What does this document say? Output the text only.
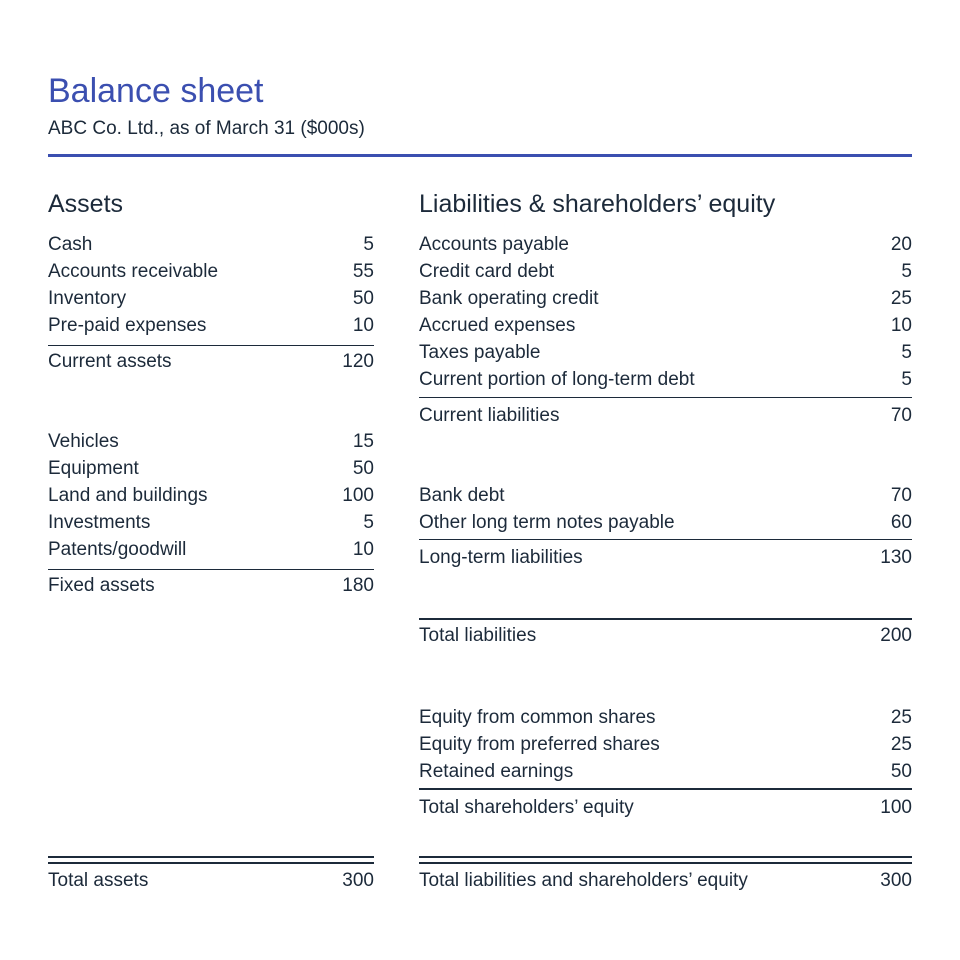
Balance sheet
ABC Co. Ltd., as of March 31 ($000s)
Assets
Cash	5
Accounts receivable	55
Inventory	50
Pre-paid expenses	10
Current assets	120
Vehicles	15
Equipment	50
Land and buildings	100
Investments	5
Patents/goodwill	10
Fixed assets	180
Total assets	300
Liabilities & shareholders’ equity
Accounts payable	20
Credit card debt	5
Bank operating credit	25
Accrued expenses	10
Taxes payable	5
Current portion of long-term debt	5
Current liabilities	70
Bank debt	70
Other long term notes payable	60
Long-term liabilities	130
Total liabilities	200
Equity from common shares	25
Equity from preferred shares	25
Retained earnings	50
Total shareholders’ equity	100
Total liabilities and shareholders’ equity	300
